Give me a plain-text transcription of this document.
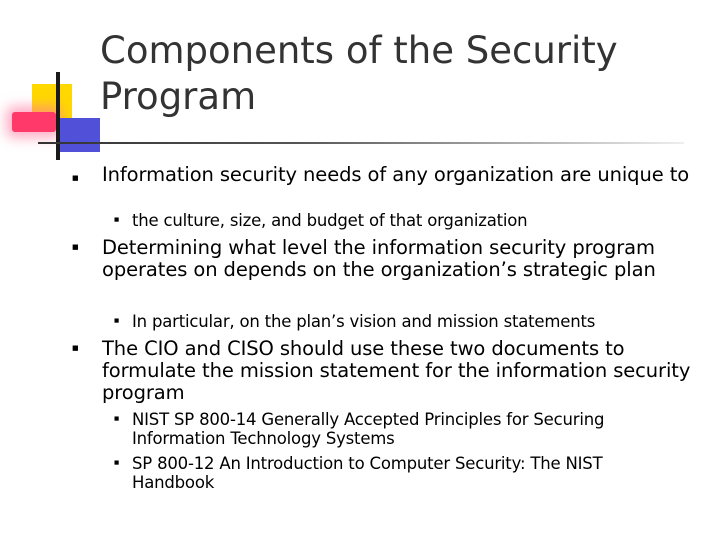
Components of the Security Program
■ Information security needs of any organization are unique to
■ the culture, size, and budget of that organization
■ Determining what level the information security program operates on depends on the organization’s strategic plan
■ In particular, on the plan’s vision and mission statements
■ The CIO and CISO should use these two documents to formulate the mission statement for the information security program
■ NIST SP 800-14 Generally Accepted Principles for Securing Information Technology Systems
■ SP 800-12 An Introduction to Computer Security: The NIST Handbook
